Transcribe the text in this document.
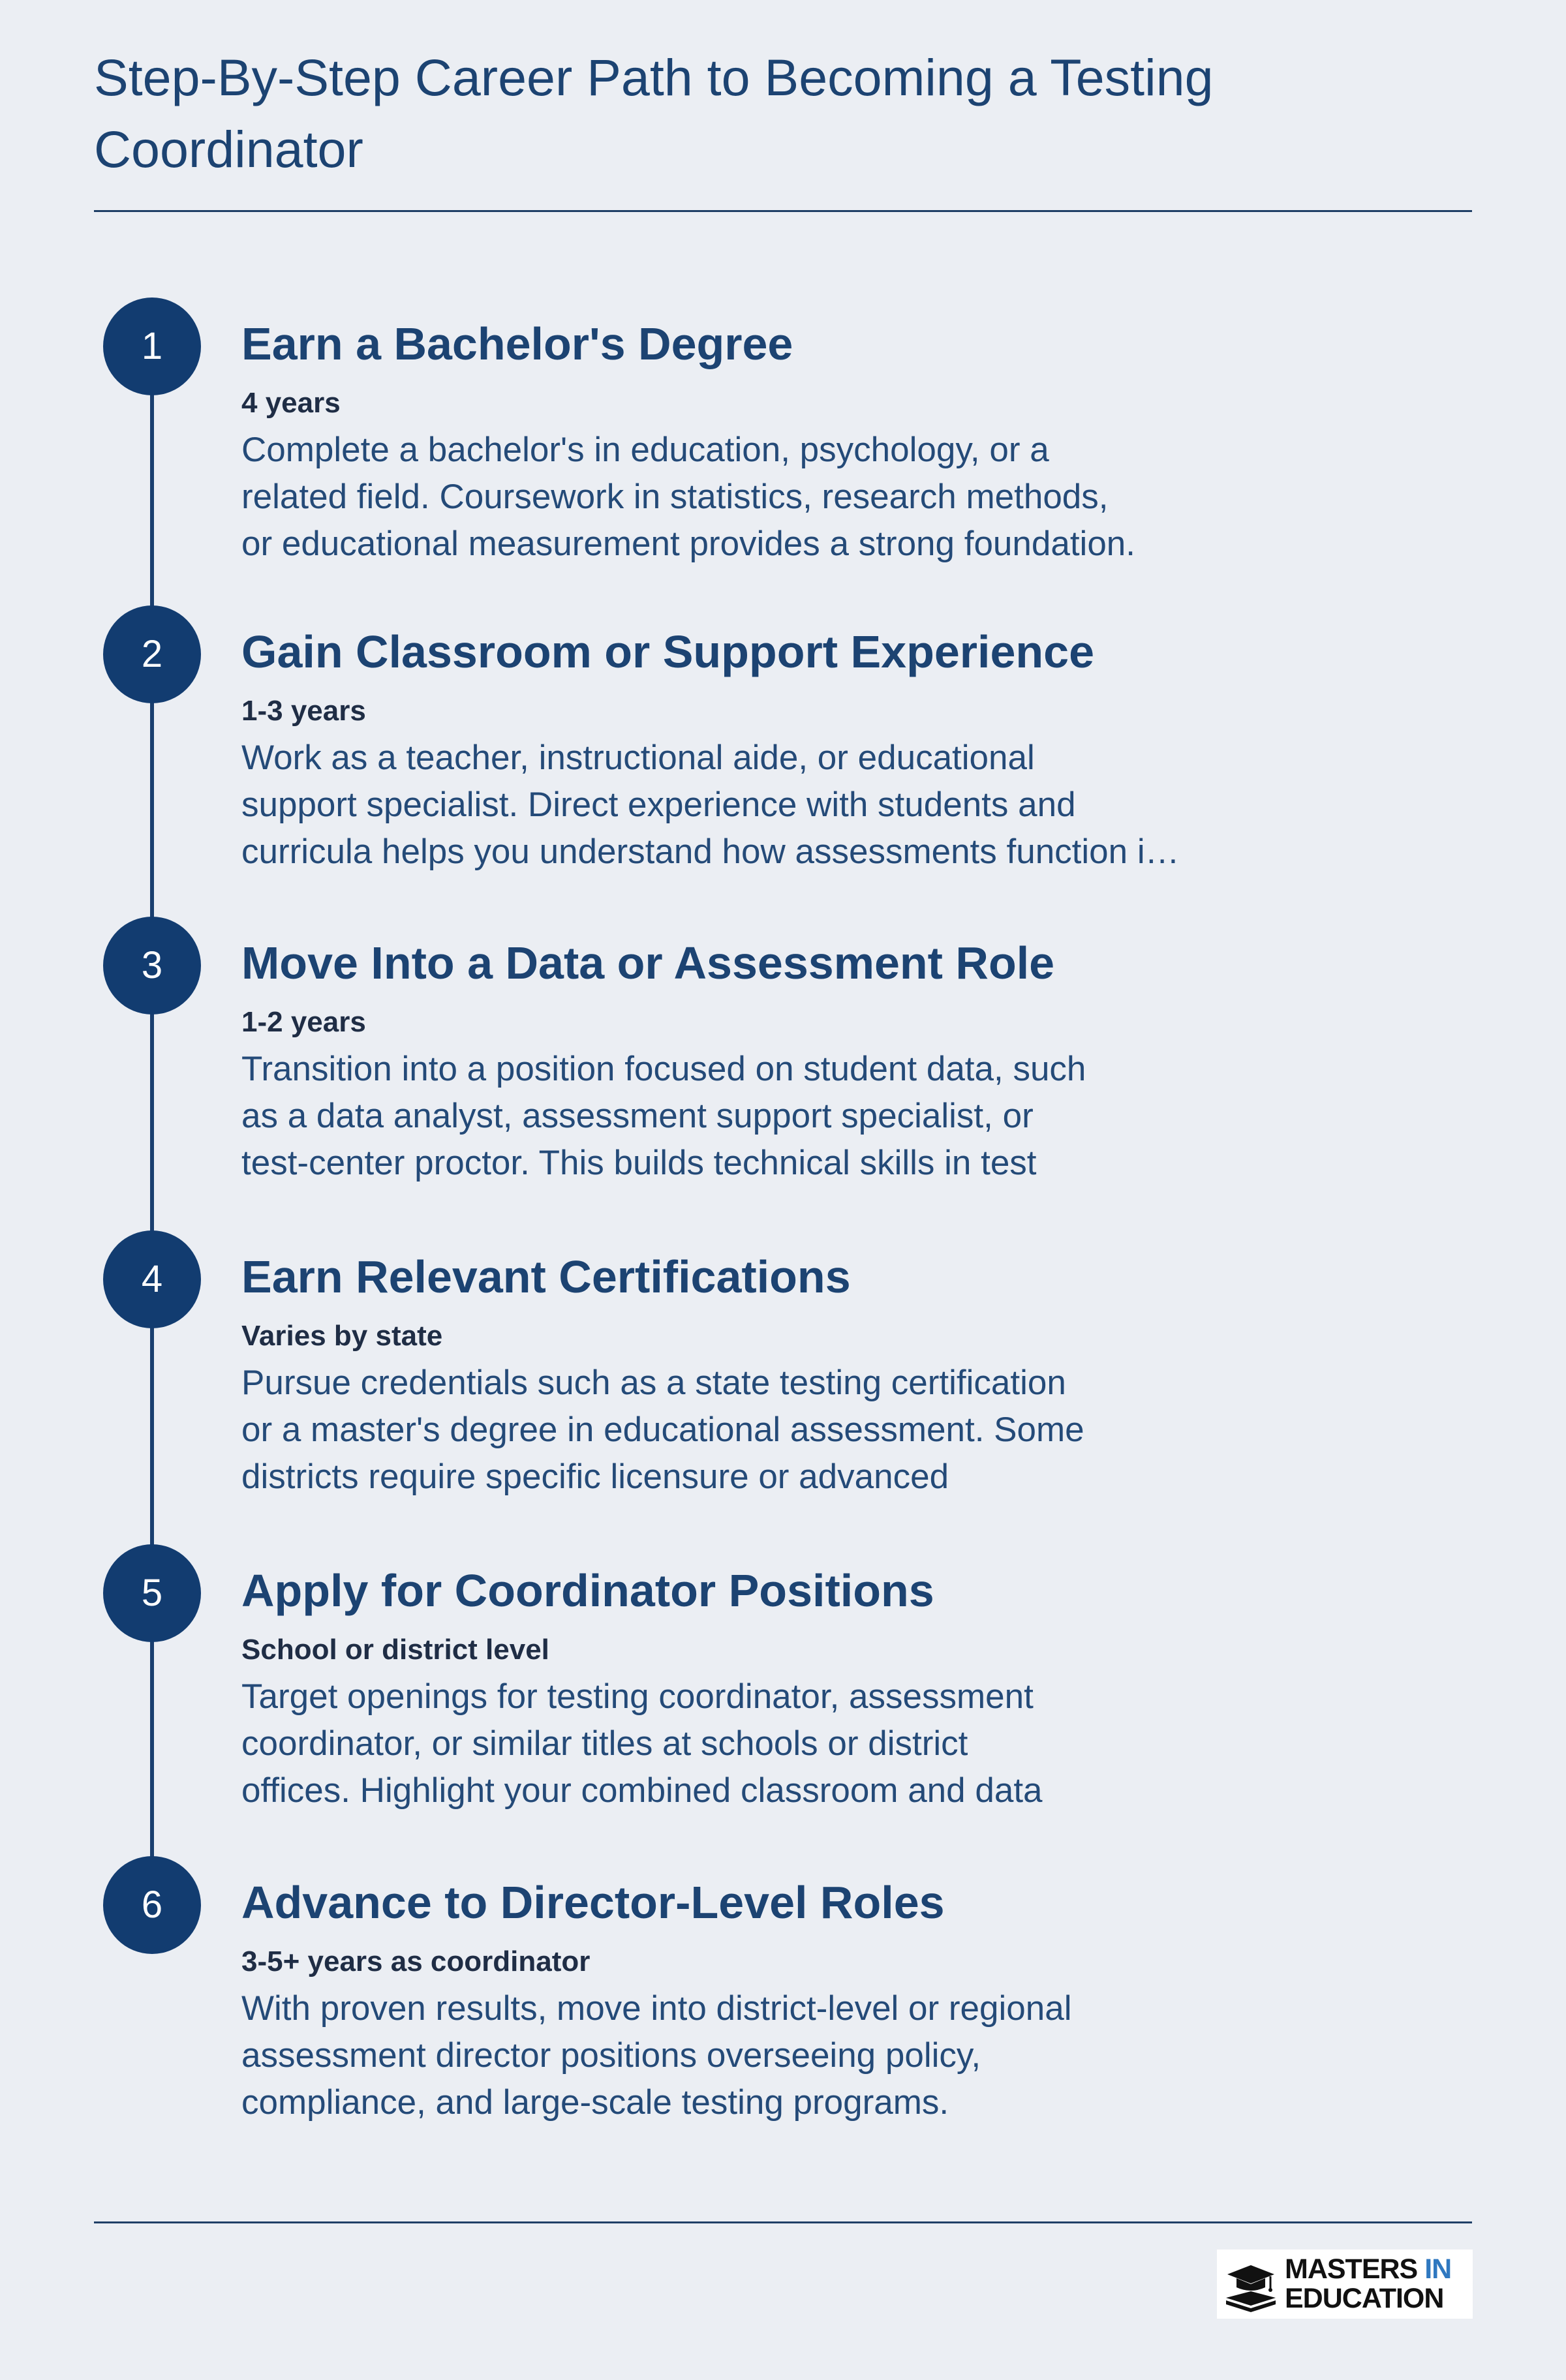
Step-By-Step Career Path to Becoming a Testing Coordinator
1	Earn a Bachelor's Degree
4 years
Complete a bachelor's in education, psychology, or a
related field. Coursework in statistics, research methods,
or educational measurement provides a strong foundation.
2	Gain Classroom or Support Experience
1-3 years
Work as a teacher, instructional aide, or educational
support specialist. Direct experience with students and
curricula helps you understand how assessments function i…
3	Move Into a Data or Assessment Role
1-2 years
Transition into a position focused on student data, such
as a data analyst, assessment support specialist, or
test-center proctor. This builds technical skills in test
4	Earn Relevant Certifications
Varies by state
Pursue credentials such as a state testing certification
or a master's degree in educational assessment. Some
districts require specific licensure or advanced
5	Apply for Coordinator Positions
School or district level
Target openings for testing coordinator, assessment
coordinator, or similar titles at schools or district
offices. Highlight your combined classroom and data
6	Advance to Director-Level Roles
3-5+ years as coordinator
With proven results, move into district-level or regional
assessment director positions overseeing policy,
compliance, and large-scale testing programs.
MASTERS IN
EDUCATION
